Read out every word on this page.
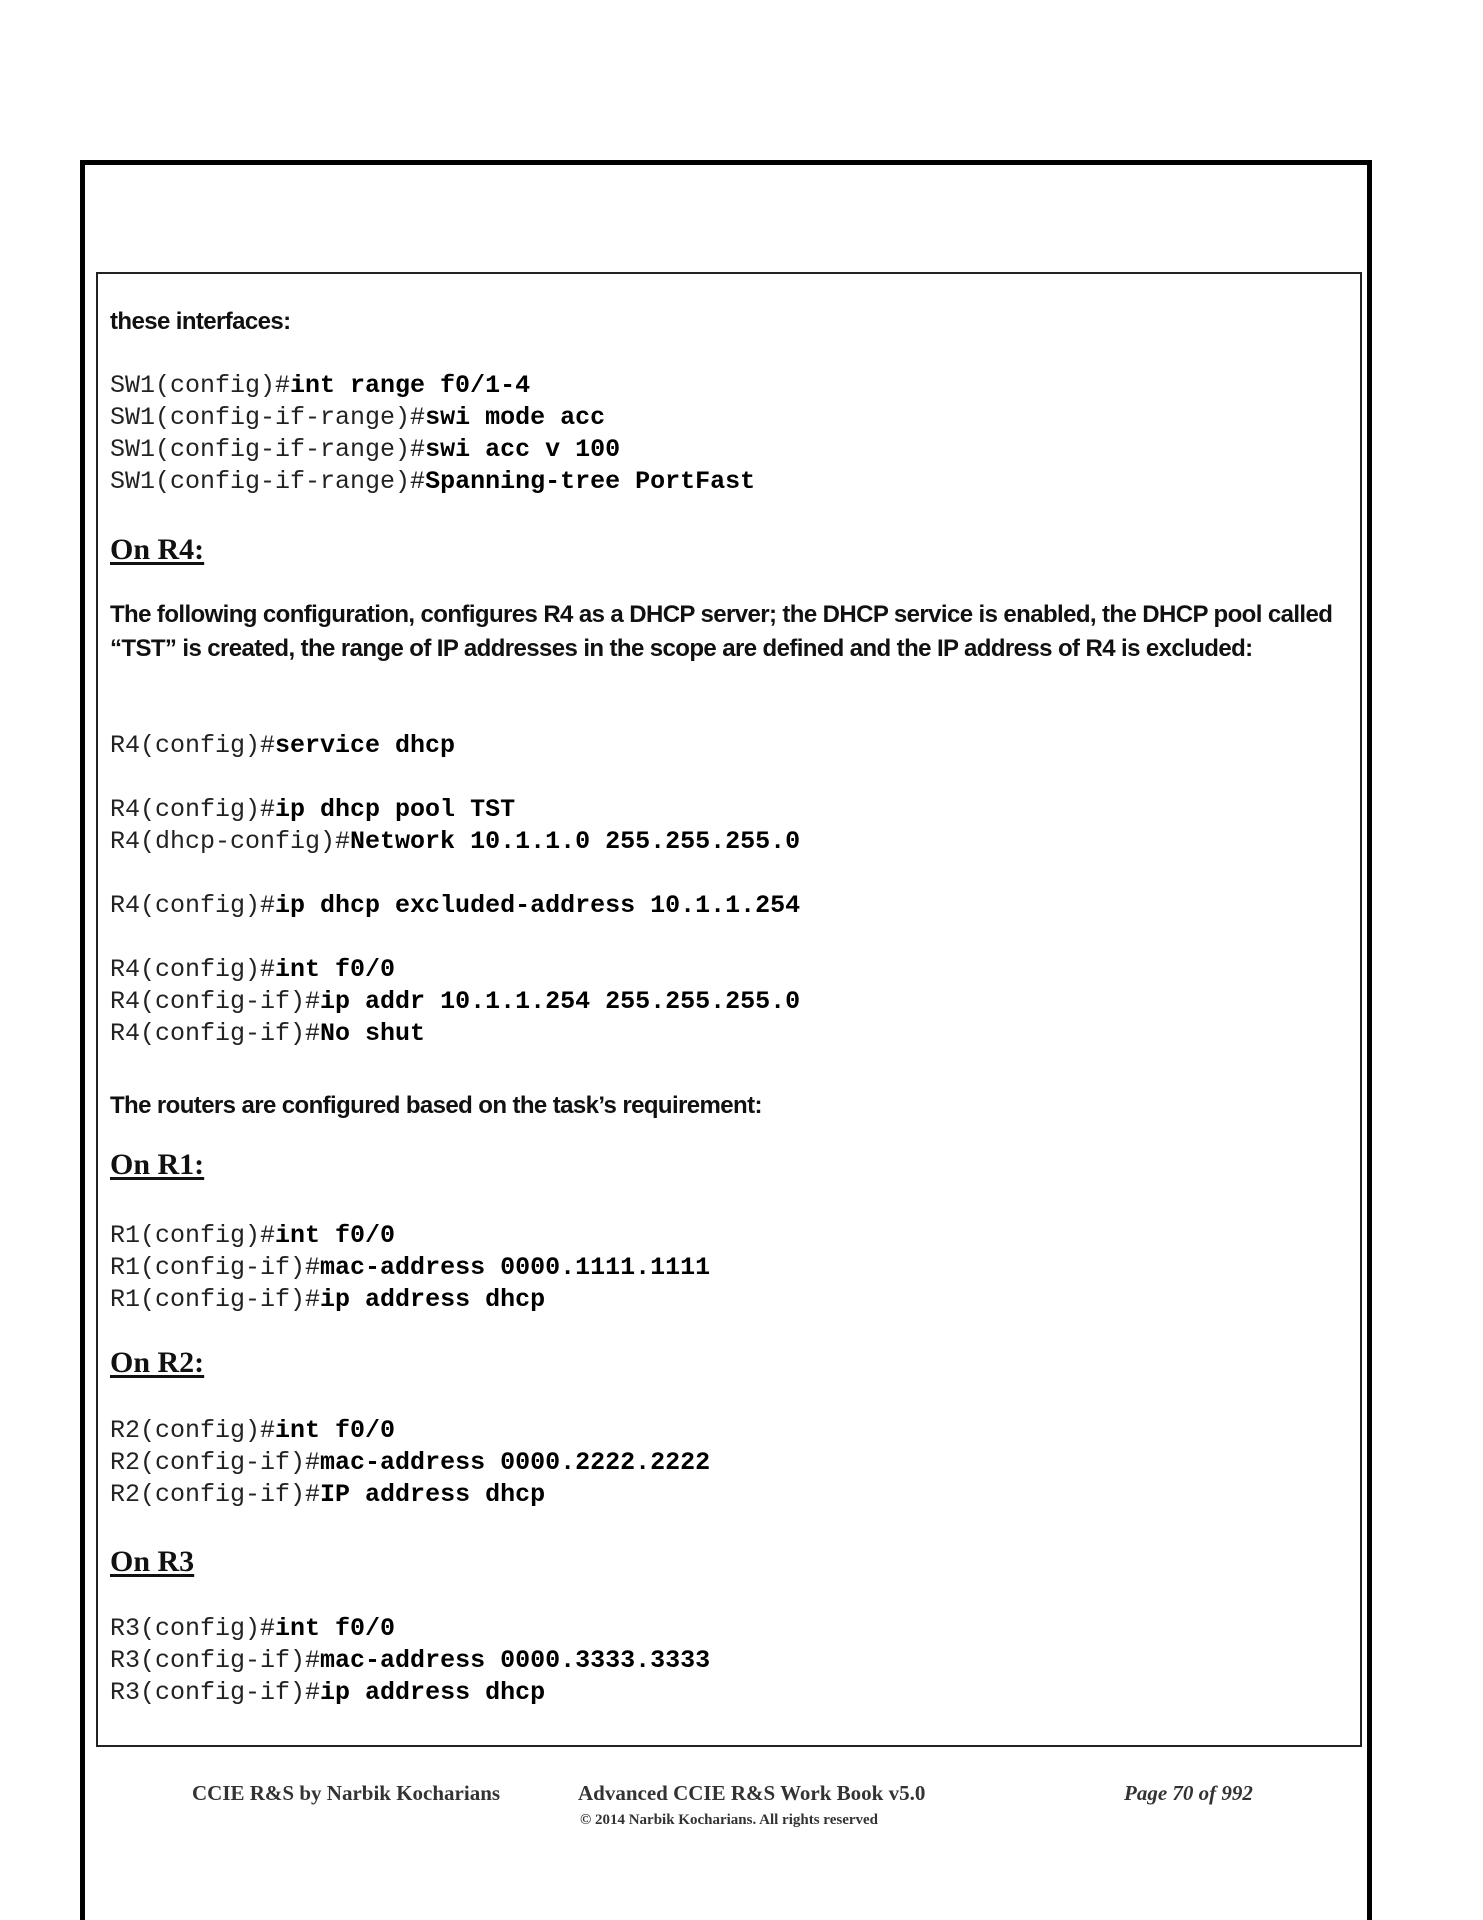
these interfaces:
SW1(config)#int range f0/1-4
SW1(config-if-range)#swi mode acc
SW1(config-if-range)#swi acc v 100
SW1(config-if-range)#Spanning-tree PortFast
On R4:
The following configuration, configures R4 as a DHCP server; the DHCP service is enabled, the DHCP pool called “TST” is created, the range of IP addresses in the scope are defined and the IP address of R4 is excluded:
R4(config)#service dhcp
R4(config)#ip dhcp pool TST
R4(dhcp-config)#Network 10.1.1.0 255.255.255.0
R4(config)#ip dhcp excluded-address 10.1.1.254
R4(config)#int f0/0
R4(config-if)#ip addr 10.1.1.254 255.255.255.0
R4(config-if)#No shut
The routers are configured based on the task’s requirement:
On R1:
R1(config)#int f0/0
R1(config-if)#mac-address 0000.1111.1111
R1(config-if)#ip address dhcp
On R2:
R2(config)#int f0/0
R2(config-if)#mac-address 0000.2222.2222
R2(config-if)#IP address dhcp
On R3
R3(config)#int f0/0
R3(config-if)#mac-address 0000.3333.3333
R3(config-if)#ip address dhcp
CCIE R&S by Narbik Kocharians	Advanced CCIE R&S Work Book v5.0
© 2014 Narbik Kocharians. All rights reserved
Page 70 of 992
